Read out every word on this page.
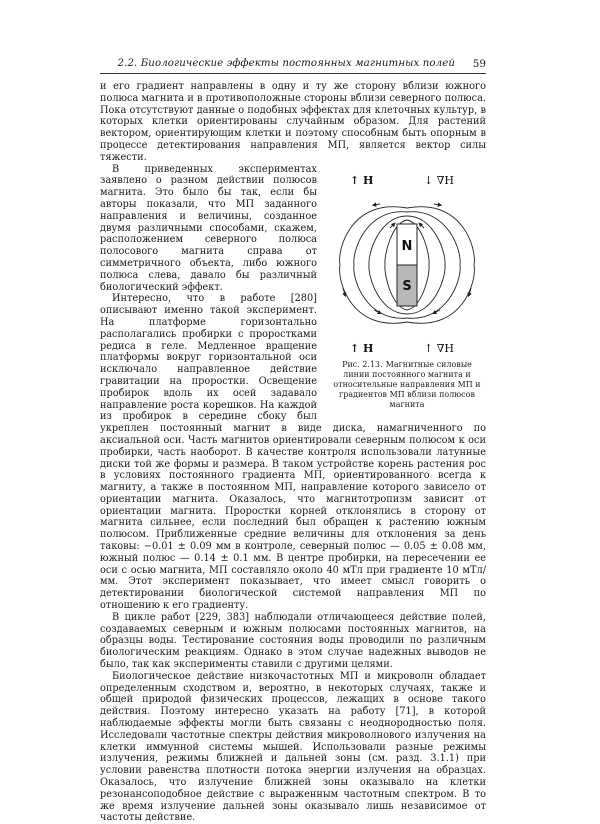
2.2. Биологические эффекты постоянных магнитных полей 59

и его градиент направлены в одну и ту же сторону вблизи южного полюса магнита и в противоположные стороны вблизи северного полюса. Пока отсутствуют данные о подобных эффектах для клеточных культур, в которых клетки ориентированы случайным образом. Для растений вектором, ориентирующим клетки и поэтому способным быть опорным в процессе детектирования направления МП, является вектор силы тяжести.

↑ H	↓ ∇H
N
S
↑ H	↑ ∇H
Рис. 2.13. Магнитные силовые линии постоянного магнита и относительные направления МП и градиентов МП вблизи полюсов магнита

В приведенных экспериментах заявлено о разном действии полюсов магнита. Это было бы так, если бы авторы показали, что МП заданного направления и величины, созданное двумя различными способами, скажем, расположением северного полюса полосового магнита справа от симметричного объекта, либо южного полюса слева, давало бы различный биологический эффект.

Интересно, что в работе [280] описывают именно такой эксперимент. На платформе горизонтально располагались пробирки с проростками редиса в геле. Медленное вращение платформы вокруг горизонтальной оси исключало направленное действие гравитации на проростки. Освещение пробирок вдоль их осей задавало направление роста корешков. На каждой из пробирок в середине сбоку был укреплен постоянный магнит в виде диска, намагниченного по аксиальной оси. Часть магнитов ориентировали северным полюсом к оси пробирки, часть наоборот. В качестве контроля использовали латунные диски той же формы и размера. В таком устройстве корень растения рос в условиях постоянного градиента МП, ориентированного всегда к магниту, а также в постоянном МП, направление которого зависело от ориентации магнита. Оказалось, что магнитотропизм зависит от ориентации магнита. Проростки корней отклонялись в сторону от магнита сильнее, если последний был обращен к растению южным полюсом. Приближенные средние величины для отклонения за день таковы: −0.01 ± 0.09 мм в контроле, северный полюс — 0.05 ± 0.08 мм, южный полюс — 0.14 ± 0.1 мм. В центре пробирки, на пересечении ее оси с осью магнита, МП составляло около 40 мТл при градиенте 10 мТл/мм. Этот эксперимент показывает, что имеет смысл говорить о детектировании биологической системой направления МП по отношению к его градиенту.

В цикле работ [229, 383] наблюдали отличающееся действие полей, создаваемых северным и южным полюсами постоянных магнитов, на образцы воды. Тестирование состояния воды проводили по различным биологическим реакциям. Однако в этом случае надежных выводов не было, так как эксперименты ставили с другими целями.

Биологическое действие низкочастотных МП и микроволн обладает определенным сходством и, вероятно, в некоторых случаях, также и общей природой физических процессов, лежащих в основе такого действия. Поэтому интересно указать на работу [71], в которой наблюдаемые эффекты могли быть связаны с неоднородностью поля. Исследовали частотные спектры действия микроволнового излучения на клетки иммунной системы мышей. Использовали разные режимы излучения, режимы ближней и дальней зоны (см. разд. 3.1.1) при условии равенства плотности потока энергии излучения на образцах. Оказалось, что излучение ближней зоны оказывало на клетки резонансоподобное действие с выраженным частотным спектром. В то же время излучение дальней зоны оказывало лишь независимое от частоты действие.
